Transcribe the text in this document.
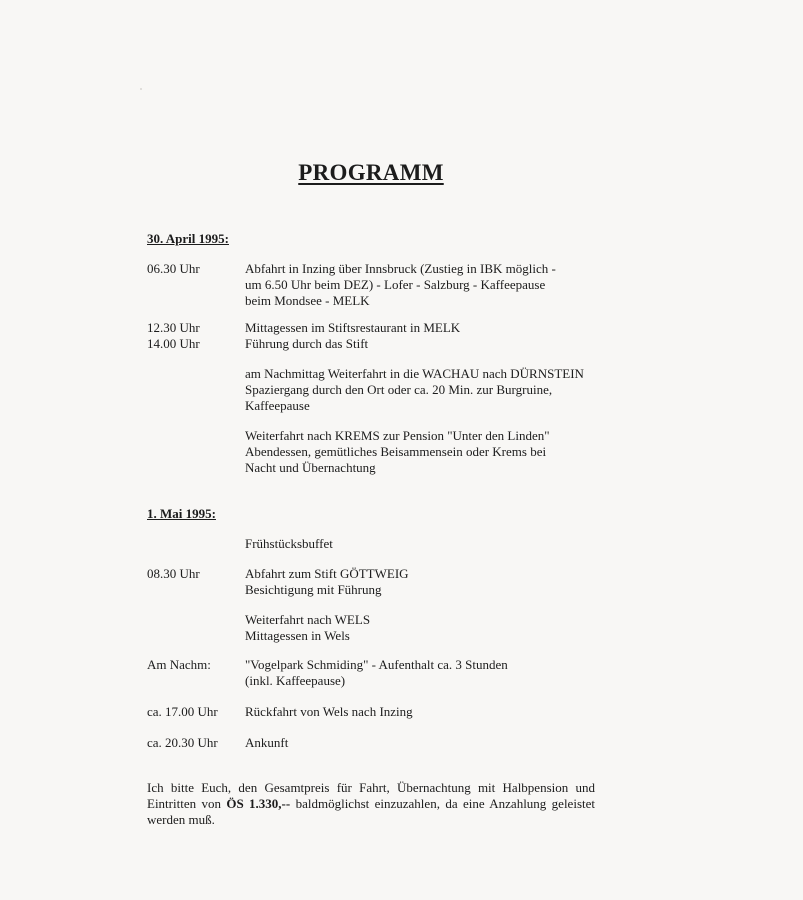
PROGRAMM
30. April 1995:
06.30 Uhr	Abfahrt in Inzing über Innsbruck (Zustieg in IBK möglich -
um 6.50 Uhr beim DEZ) - Lofer - Salzburg - Kaffeepause
beim Mondsee - MELK
12.30 Uhr	Mittagessen im Stiftsrestaurant in MELK
14.00 Uhr	Führung durch das Stift
am Nachmittag Weiterfahrt in die WACHAU nach DÜRNSTEIN
Spaziergang durch den Ort oder ca. 20 Min. zur Burgruine,
Kaffeepause
Weiterfahrt nach KREMS zur Pension "Unter den Linden"
Abendessen, gemütliches Beisammensein oder Krems bei
Nacht und Übernachtung
1. Mai 1995:
Frühstücksbuffet
08.30 Uhr	Abfahrt zum Stift GÖTTWEIG
Besichtigung mit Führung
Weiterfahrt nach WELS
Mittagessen in Wels
Am Nachm:	"Vogelpark Schmiding" - Aufenthalt ca. 3 Stunden
(inkl. Kaffeepause)
ca. 17.00 Uhr	Rückfahrt von Wels nach Inzing
ca. 20.30 Uhr	Ankunft

Ich bitte Euch, den Gesamtpreis für Fahrt, Übernachtung mit Halbpension und Eintritten von ÖS 1.330,-- baldmöglichst einzuzahlen, da eine Anzahlung geleistet werden muß.
